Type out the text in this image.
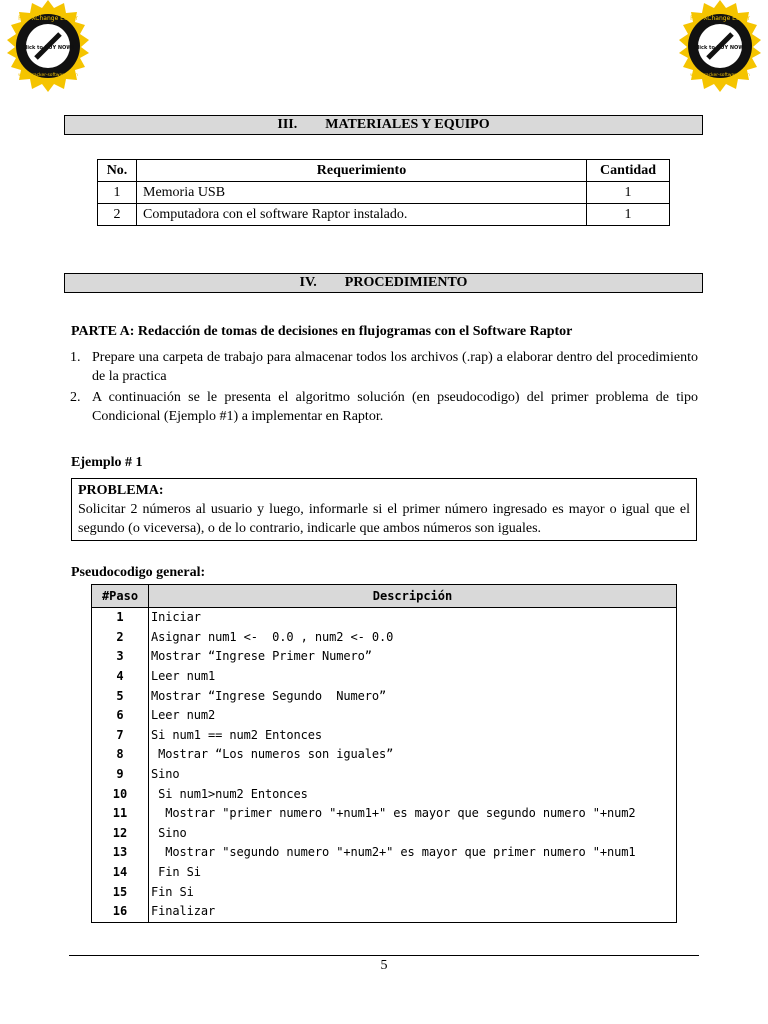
PDF-XChange Editor
Click to BUY NOW!
www.tracker-software.com
PDF-XChange Editor
Click to BUY NOW!
www.tracker-software.com
III. MATERIALES Y EQUIPO
No.	Requerimiento	Cantidad
1	Memoria USB	1
2	Computadora con el software Raptor instalado.	1
IV. PROCEDIMIENTO
PARTE A: Redacción de tomas de decisiones en flujogramas con el Software Raptor
1. Prepare una carpeta de trabajo para almacenar todos los archivos (.rap) a elaborar dentro del procedimiento de la practica
2. A continuación se le presenta el algoritmo solución (en pseudocodigo) del primer problema de tipo Condicional (Ejemplo #1) a implementar en Raptor.
Ejemplo # 1
PROBLEMA:
Solicitar 2 números al usuario y luego, informarle si el primer número ingresado es mayor o igual que el segundo (o viceversa), o de lo contrario, indicarle que ambos números son iguales.
Pseudocodigo general:
#Paso	Descripción
1	Iniciar
2	Asignar num1 <-  0.0 , num2 <- 0.0
3	Mostrar “Ingrese Primer Numero”
4	Leer num1
5	Mostrar “Ingrese Segundo  Numero”
6	Leer num2
7	Si num1 == num2 Entonces
8	Mostrar “Los numeros son iguales”
9	Sino
10	Si num1>num2 Entonces
11	Mostrar "primer numero "+num1+" es mayor que segundo numero "+num2
12	Sino
13	Mostrar "segundo numero "+num2+" es mayor que primer numero "+num1
14	Fin Si
15	Fin Si
16	Finalizar
5
